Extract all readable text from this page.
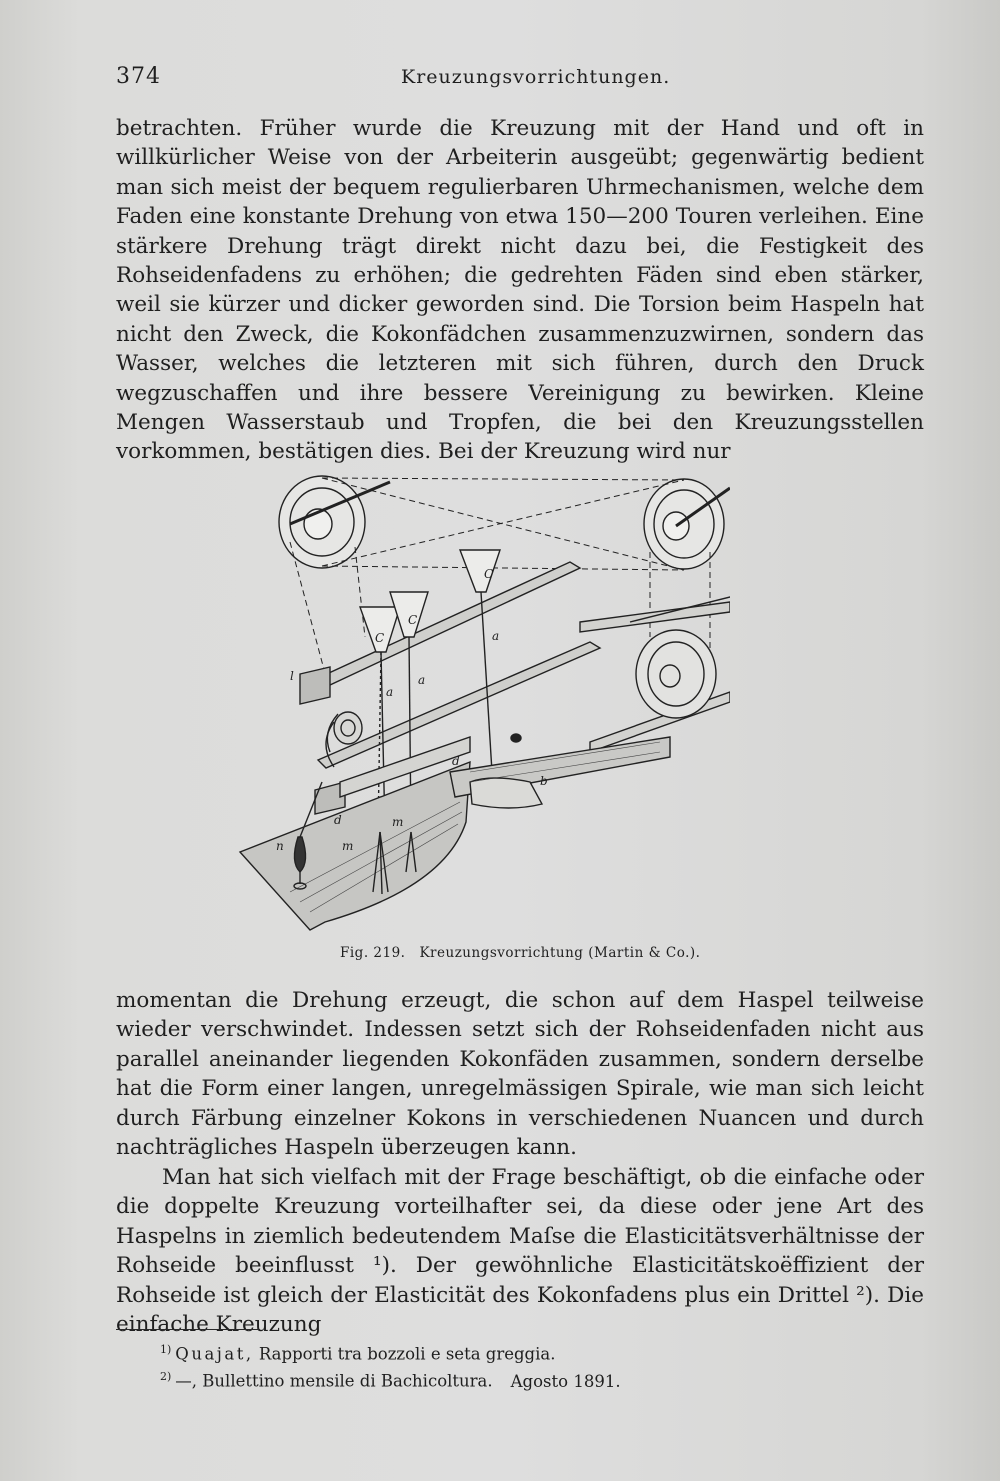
374	Kreuzungsvorrichtungen.

betrachten. Früher wurde die Kreuzung mit der Hand und oft in willkürlicher Weise von der Arbeiterin ausgeübt; gegenwärtig bedient man sich meist der bequem regulierbaren Uhrmechanismen, welche dem Faden eine konstante Drehung von etwa 150—200 Touren verleihen. Eine stärkere Drehung trägt direkt nicht dazu bei, die Festigkeit des Rohseidenfadens zu erhöhen; die gedrehten Fäden sind eben stärker, weil sie kürzer und dicker geworden sind. Die Torsion beim Haspeln hat nicht den Zweck, die Kokonfädchen zusammenzuzwirnen, sondern das Wasser, welches die letzteren mit sich führen, durch den Druck wegzuschaffen und ihre bessere Vereinigung zu bewirken. Kleine Mengen Wasserstaub und Tropfen, die bei den Kreuzungsstellen vorkommen, bestätigen dies. Bei der Kreuzung wird nur

C
C
C
a
a
a
l
d
d	m
m
n
b
Fig. 219. Kreuzungsvorrichtung (Martin & Co.).

momentan die Drehung erzeugt, die schon auf dem Haspel teilweise wieder verschwindet. Indessen setzt sich der Rohseidenfaden nicht aus parallel aneinander liegenden Kokonfäden zusammen, sondern derselbe hat die Form einer langen, unregelmässigen Spirale, wie man sich leicht durch Färbung einzelner Kokons in verschiedenen Nuancen und durch nachträgliches Haspeln überzeugen kann.

Man hat sich vielfach mit der Frage beschäftigt, ob die einfache oder die doppelte Kreuzung vorteilhafter sei, da diese oder jene Art des Haspelns in ziemlich bedeutendem Maſse die Elasticitätsverhältnisse der Rohseide beeinflusst ¹). Der gewöhnliche Elasticitätskoëffizient der Rohseide ist gleich der Elasticität des Kokonfadens plus ein Drittel ²). Die einfache Kreuzung

$^{1)}$ Quajat, Rapporti tra bozzoli e seta greggia.
$^{2)}$ —, Bullettino mensile di Bachicoltura. Agosto 1891.
